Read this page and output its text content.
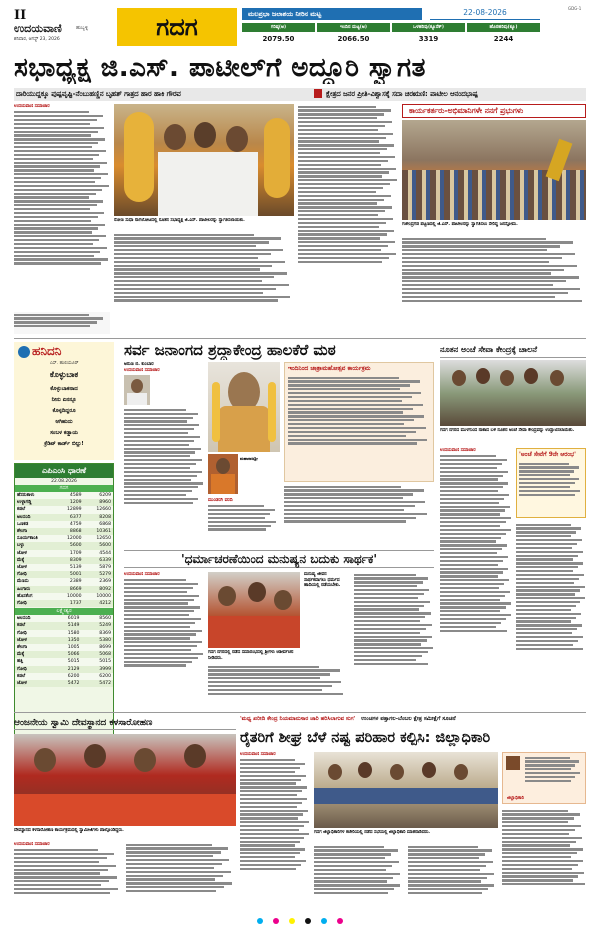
II
ಉದಯವಾಣಿ	ಹುಬ್ಬಳ್ಳಿ
ಶನಿವಾರ, ಆಗಸ್ಟ್ 23, 2026	ಗದಗ	ಮಲಪ್ರಭಾ ಜಲಾಶಯ ನೀರಿನ ಮಟ್ಟ	22-08-2026	GDG-1
ಗರಿಷ್ಠ(ಅ)	ಇಂದಿನ ಮಟ್ಟ(ಅ)	ಒಳಹರಿವು(ಕ್ಯೂಸೆಕ್)	ಹೊರಹರಿವು(ಕ್ಯೂ)
2079.50	2066.50	3319	2244
ಸಭಾಧ್ಯಕ್ಷ ಜಿ.ಎಸ್. ಪಾಟೀಲ್‌ಗೆ ಅದ್ದೂರಿ ಸ್ವಾಗತ
ದಾರಿಯುದ್ದಕ್ಕೂ ಪುಷ್ಪವೃಷ್ಟಿ-ನೆಂಬುಹಣ್ಣಿನ ಬೃಹತ್ ಗಾತ್ರದ ಹಾರ ಹಾಕಿ ಗೌರವ	ಕ್ಷೇತ್ರದ ಜನರ ಪ್ರೀತಿ-ವಿಶ್ವಾಸಕ್ಕೆ ಸದಾ ಚಿರಋಣಿ: ಪಾಟೀಲ ಆನಂದಭಾಷ್ಪ
ಉದಯವಾಣಿ ಸಮಾಚಾರ
ರೋಣ ಸುಧಾ ನಾಗಲೋಟದಲ್ಲಿ ನೂತನ ಸಭಾಧ್ಯಕ್ಷ ಜಿ.ಎಸ್. ಪಾಟೀಲರನ್ನು ಸ್ವಾಗತಿಸಲಾಯಿತು.
ಕಾರ್ಯಕರ್ತರು-ಅಭಿಮಾನಿಗಳೇ ನನಗೆ ಪ್ರಭುಗಳು
ಗಜೇಂದ್ರಗಡ ಪಟ್ಟಣದಲ್ಲಿ ಜಿ.ಎಸ್. ಪಾಟೀಲರನ್ನು ಸ್ವಾಗತಿಸಲು ಸೇರಿದ್ದ ಜನಸ್ತೋಮ.
ಹನಿದನಿ
ಎಸ್. ಹುಲಿಯೂರ್
ಕೊಳ್ಳುಬಾಕ
ಕೊಳ್ಳುಬಾಕನಾದ
ನೀನು ಏನನ್ನೂ
ಕೊಳ್ಳದಿದ್ದರೂ
ಆಗಿಹುದು
ಸಂಬಳ ಕಡ್ಡಾಯ
ಕ್ರೆಡಿಟ್ ಕಾರ್ಡ್ ಬಿಲ್ಲು!
ಎಪಿಎಂಸಿ ಧಾರಣೆ
22.08.2026
ಗದಗ
ಹೆಸರುಕಾಳು	4589	6209
ಉಳ್ಳಾಗಡ್ಡಿ	1209	8960
ಕಡಲೆ	12899	12660
ಅಲಸಂದಿ	6377	8208
ಒಣಕಡ	4759	6868
ಶೇಂಗಾ	8868	10361
ಸೂರ್ಯಕಾಂತಿ	12000	12650
ಬಳ್ಳು	5600	5600
ಜೋಳ	1709	4544
ಮೆಕ್ಕೆ	8309	6339
ಜೋಳ	5139	5879
ಗೋಧಿ	5001	5279
ಮೆಣಸು	2389	2369
ಹಿಂಗಾರು	8669	8092
ಹೊಸಕೆಂಗ	10000	10000
ಗೋಧಿ	1737	4212
ಲಕ್ಷ್ಮೇಶ್ವರ
ಅಲಸಂದಿ	6019	8560
ಕಡಲೆ	5149	5249
ಗೋಧಿ	1580	8369
ಜೋಳ	1350	5380
ಶೇಂಗಾ	1005	8699
ಮೆಕ್ಕೆ	5066	5068
ಹತ್ತಿ	5015	5015
ಗೋಧಿ	2129	3999
ಕಡಲೆ	6200	6200
ಜೋಳ	5472	5472
ಸರ್ವ ಜನಾಂಗದ ಶ್ರದ್ಧಾಕೇಂದ್ರ ಹಾಲಕೆರೆ ಮಠ
ಅರುಣ ಬಿ. ಕುಂಬಾರ
ಉದಯವಾಣಿ ಸಮಾಚಾರ
ಮಹಾರಾಜಶ್ರೀ
ಮುಂಡರಗಿ ವರದಿ
ಇಂದಿನಿಂದ ಜಾತ್ರಾಮಹೋತ್ಸವ ಕಾರ್ಯಕ್ರಮ
'ಧರ್ಮಾಚರಣೆಯಿಂದ ಮನುಷ್ಯನ ಬದುಕು ಸಾರ್ಥಕ'
ಉದಯವಾಣಿ ಸಮಾಚಾರ
ಗದಗ ನಗರದಲ್ಲಿ ನಡೆದ ಸಮಾರಂಭದಲ್ಲಿ ಶ್ರೀಗಳು ಆಶೀರ್ವಚನ ನೀಡಿದರು.
ಮನುಷ್ಯ ಜೀವನ ಸಾರ್ಥಕವಾಗಲು ಧರ್ಮದ ಹಾದಿಯಲ್ಲಿ ನಡೆಯಬೇಕು.
ನೂತನ ಅಂಚೆ ಸೇವಾ ಕೇಂದ್ರಕ್ಕೆ ಚಾಲನೆ
ಗದಗ ನಗರದ ಮುಳಗುಂದ ನಾಕಾದ ಬಳಿ ನೂತನ ಅಂಚೆ ಸೇವಾ ಕೇಂದ್ರವನ್ನು ಉದ್ಘಾಟಿಸಲಾಯಿತು.
ಉದಯವಾಣಿ ಸಮಾಚಾರ
'ಅಂಚೆ ಸೇವೆಗೆ 9ನೇ ಆರಂಭ'
ಆಂಜನೇಯ ಸ್ವಾಮಿ ದೇವಸ್ಥಾನದ ಕಳಸಾರೋಹಣ
ದೇವಸ್ಥಾನದ ಕಳಸಾರೋಹಣ ಕಾರ್ಯಕ್ರಮದಲ್ಲಿ ಸ್ವಾಮೀಜಿಗಳು ಪಾಲ್ಗೊಂಡಿದ್ದರು.
ಉದಯವಾಣಿ ಸಮಾಚಾರ
'ಮಧ್ಯ ಖರೀದಿ ಕೇಂದ್ರ ನಿಯಮಾನುಸಾರ ಜಾರಿ ಹರಿಸಿಲಾಗುವ ಸುಗ' ಉಂಚಗಳ ಪತ್ತಾಗಲ-ಬೆಂಬಲ ಕ್ಷೇತ್ರ ಸಮೀಕ್ಷೆಗೆ ಸೂಚನೆ
ರೈತರಿಗೆ ಶೀಘ್ರ ಬೆಳೆ ನಷ್ಟ ಪರಿಹಾರ ಕಲ್ಪಿಸಿ: ಜಿಲ್ಲಾಧಿಕಾರಿ
ಉದಯವಾಣಿ ಸಮಾಚಾರ
ಗದಗ ಜಿಲ್ಲಾಧಿಕಾರಿಗಳ ಕಚೇರಿಯಲ್ಲಿ ನಡೆದ ಸಭೆಯಲ್ಲಿ ಜಿಲ್ಲಾಧಿಕಾರಿ ಮಾತನಾಡಿದರು.
ಜಿಲ್ಲಾಧಿಕಾರಿ
